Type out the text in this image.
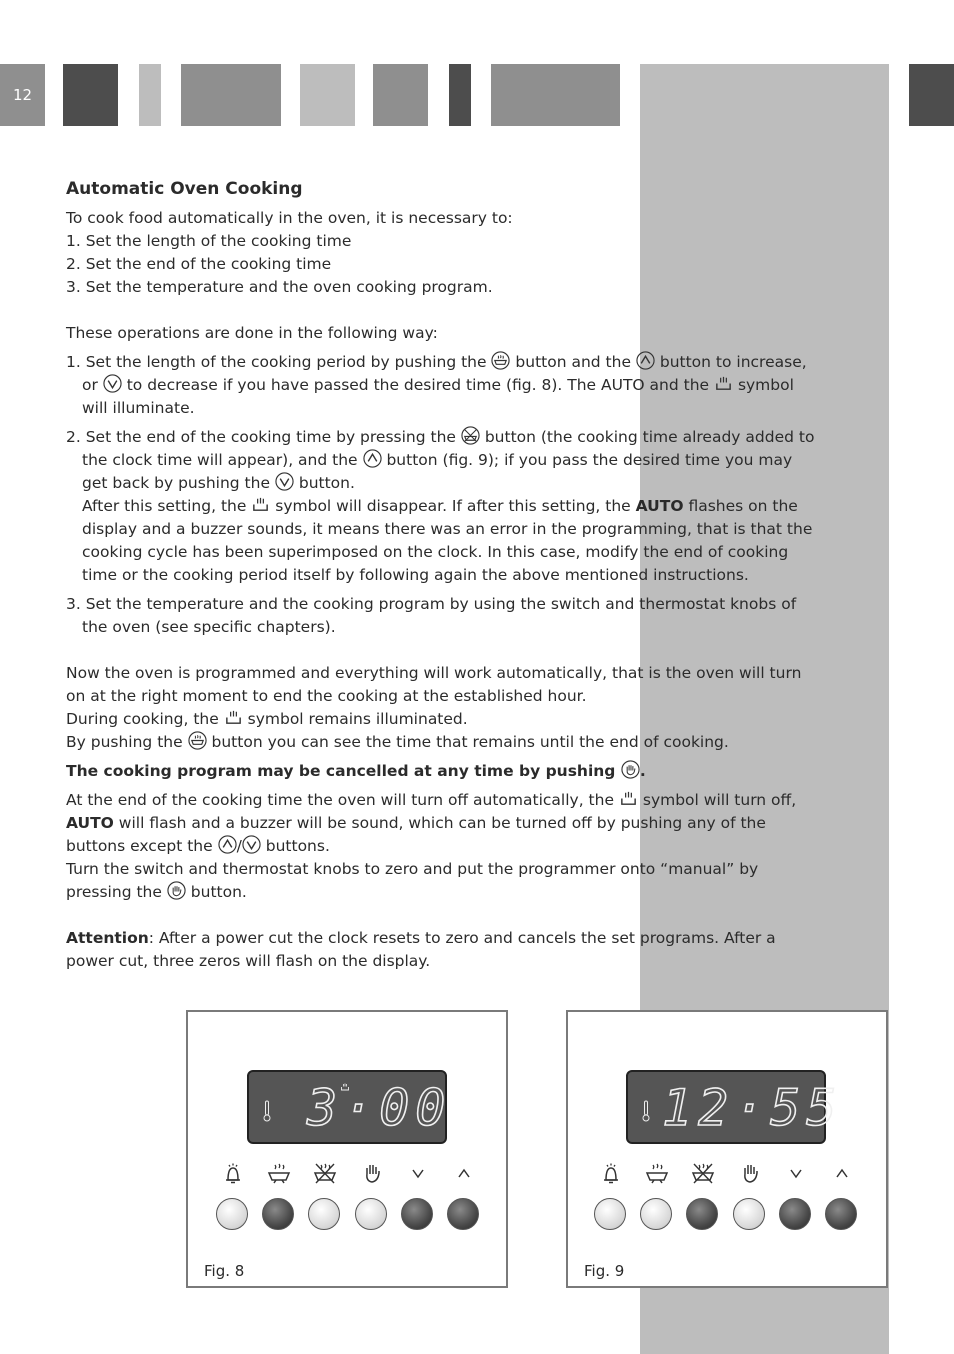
12
Automatic Oven Cooking

To cook food automatically in the oven, it is necessary to:

1. Set the length of the cooking time

2. Set the end of the cooking time

3. Set the temperature and the oven cooking program.

These operations are done in the following way:

1. Set the length of the cooking period by pushing the button and the button to increase, or to decrease if you have passed the desired time (fig. 8). The AUTO and the symbol will illuminate.

2. Set the end of the cooking time by pressing the button (the cooking time already added to the clock time will appear), and the button (fig. 9); if you pass the desired time you may get back by pushing the button.

After this setting, the symbol will disappear. If after this setting, the AUTO flashes on the display and a buzzer sounds, it means there was an error in the programming, that is that the cooking cycle has been superimposed on the clock. In this case, modify the end of cooking time or the cooking period itself by following again the above mentioned instructions.

3. Set the temperature and the cooking program by using the switch and thermostat knobs of the oven (see specific chapters).

Now the oven is programmed and everything will work automatically, that is the oven will turn on at the right moment to end the cooking at the established hour.

During cooking, the symbol remains illuminated.

By pushing the button you can see the time that remains until the end of cooking.

The cooking program may be cancelled at any time by pushing .

At the end of the cooking time the oven will turn off automatically, the symbol will turn off, AUTO will flash and a buzzer will be sound, which can be turned off by pushing any of the buttons except the / buttons.

Turn the switch and thermostat knobs to zero and put the programmer onto “manual” by pressing the button.

Attention: After a power cut the clock resets to zero and cancels the set programs. After a power cut, three zeros will flash on the display.

3·00
Fig. 8
12·55
Fig. 9
